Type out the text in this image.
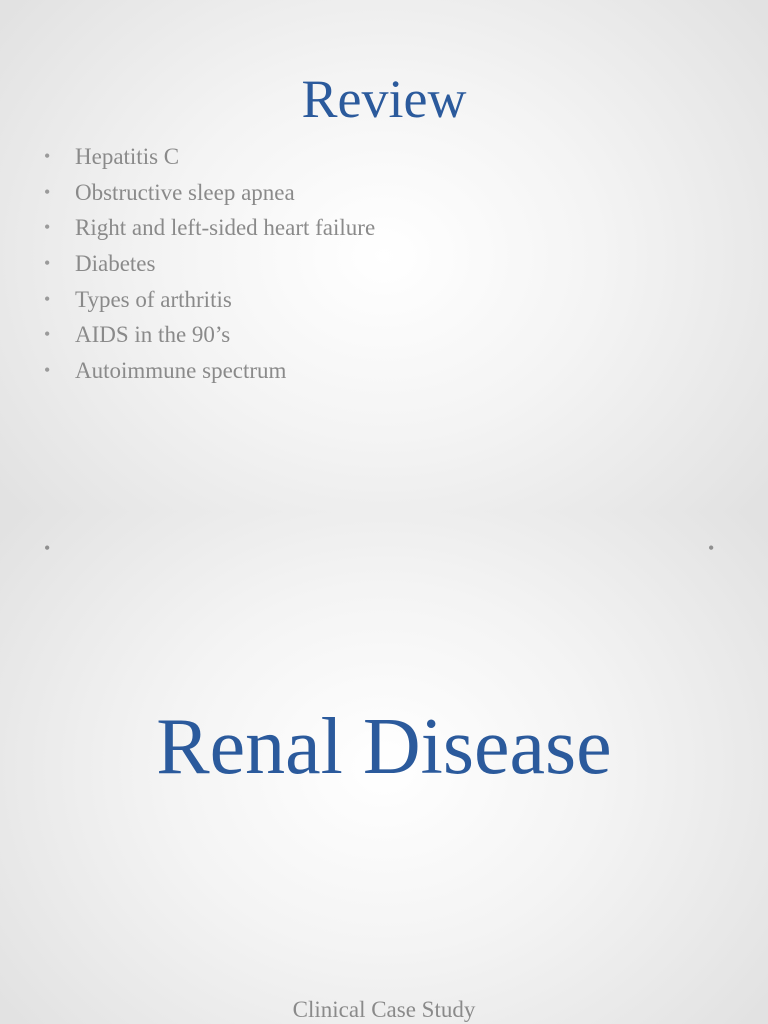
Review
• Hepatitis C
• Obstructive sleep apnea
• Right and left-sided heart failure
• Diabetes
• Types of arthritis
• AIDS in the 90’s
• Autoimmune spectrum
•	•
Renal Disease
Clinical Case Study
